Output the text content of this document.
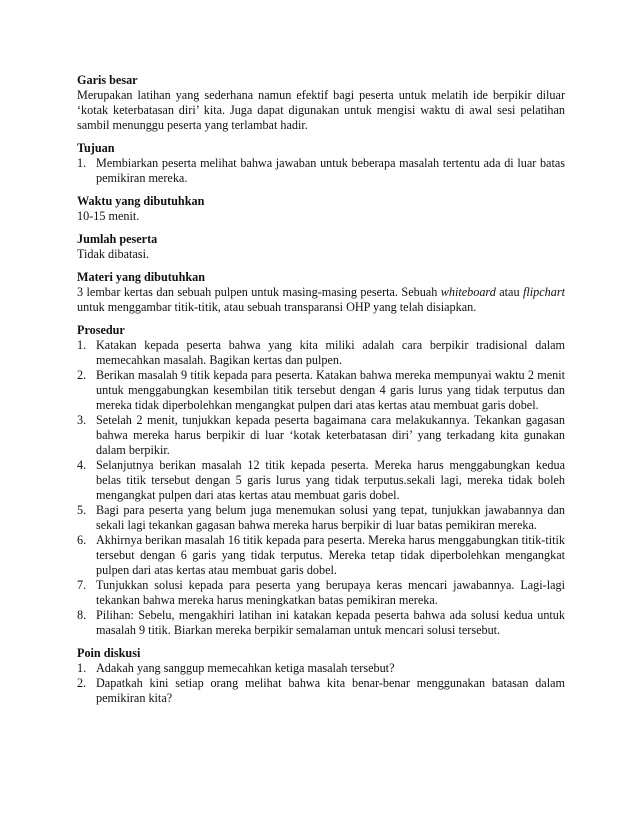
Garis besar

Merupakan latihan yang sederhana namun efektif bagi peserta untuk melatih ide berpikir diluar ‘kotak keterbatasan diri’ kita. Juga dapat digunakan untuk mengisi waktu di awal sesi pelatihan sambil menunggu peserta yang terlambat hadir.

Tujuan

1. Membiarkan peserta melihat bahwa jawaban untuk beberapa masalah tertentu ada di luar batas pemikiran mereka.

Waktu yang dibutuhkan

10-15 menit.

Jumlah peserta

Tidak dibatasi.

Materi yang dibutuhkan

3 lembar kertas dan sebuah pulpen untuk masing-masing peserta. Sebuah whiteboard atau flipchart untuk menggambar titik-titik, atau sebuah transparansi OHP yang telah disiapkan.

Prosedur

1. Katakan kepada peserta bahwa yang kita miliki adalah cara berpikir tradisional dalam memecahkan masalah. Bagikan kertas dan pulpen.
2. Berikan masalah 9 titik kepada para peserta. Katakan bahwa mereka mempunyai waktu 2 menit untuk menggabungkan kesembilan titik tersebut dengan 4 garis lurus yang tidak terputus dan mereka tidak diperbolehkan mengangkat pulpen dari atas kertas atau membuat garis dobel.
3. Setelah 2 menit, tunjukkan kepada peserta bagaimana cara melakukannya. Tekankan gagasan bahwa mereka harus berpikir di luar ‘kotak keterbatasan diri’ yang terkadang kita gunakan dalam berpikir.
4. Selanjutnya berikan masalah 12 titik kepada peserta. Mereka harus menggabungkan kedua belas titik tersebut dengan 5 garis lurus yang tidak terputus.sekali lagi, mereka tidak boleh mengangkat pulpen dari atas kertas atau membuat garis dobel.
5. Bagi para peserta yang belum juga menemukan solusi yang tepat, tunjukkan jawabannya dan sekali lagi tekankan gagasan bahwa mereka harus berpikir di luar batas pemikiran mereka.
6. Akhirnya berikan masalah 16 titik kepada para peserta. Mereka harus menggabungkan titik-titik tersebut dengan 6 garis yang tidak terputus. Mereka tetap tidak diperbolehkan mengangkat pulpen dari atas kertas atau membuat garis dobel.
7. Tunjukkan solusi kepada para peserta yang berupaya keras mencari jawabannya. Lagi-lagi tekankan bahwa mereka harus meningkatkan batas pemikiran mereka.
8. Pilihan: Sebelu, mengakhiri latihan ini katakan kepada peserta bahwa ada solusi kedua untuk masalah 9 titik. Biarkan mereka berpikir semalaman untuk mencari solusi tersebut.

Poin diskusi

1. Adakah yang sanggup memecahkan ketiga masalah tersebut?
2. Dapatkah kini setiap orang melihat bahwa kita benar-benar menggunakan batasan dalam pemikiran kita?
